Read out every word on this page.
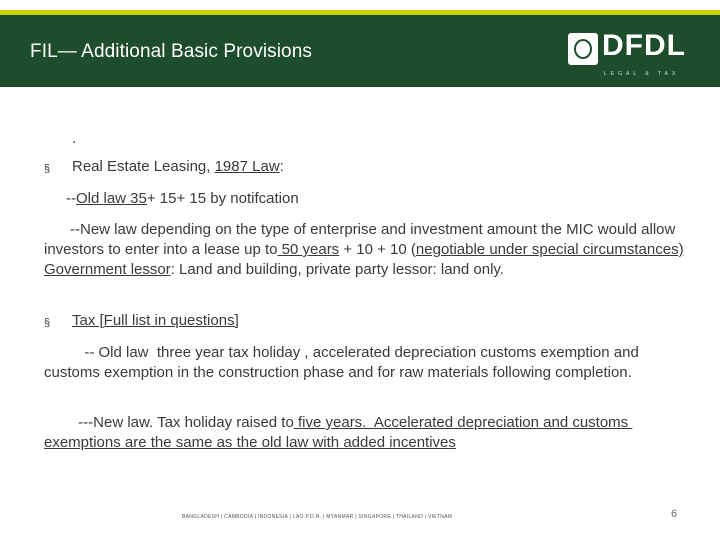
FIL— Additional Basic Provisions	DFDL
LEGAL & TAX
.
§ Real Estate Leasing, 1987 Law:
--Old law 35+ 15+ 15 by notifcation
--New law depending on the type of enterprise and investment amount the MIC would allow investors to enter into a lease up to 50 years + 10 + 10 (negotiable under special circumstances) Government lessor: Land and building, private party lessor: land only.
§ Tax [Full list in questions]
-- Old law  three year tax holiday , accelerated depreciation customs exemption and customs exemption in the construction phase and for raw materials following completion.
---New law. Tax holiday raised to five years.  Accelerated depreciation and customs exemptions are the same as the old law with added incentives
BANGLADESH | CAMBODIA | INDONESIA | LAO P.D.R. | MYANMAR | SINGAPORE | THAILAND | VIETNAM	6
